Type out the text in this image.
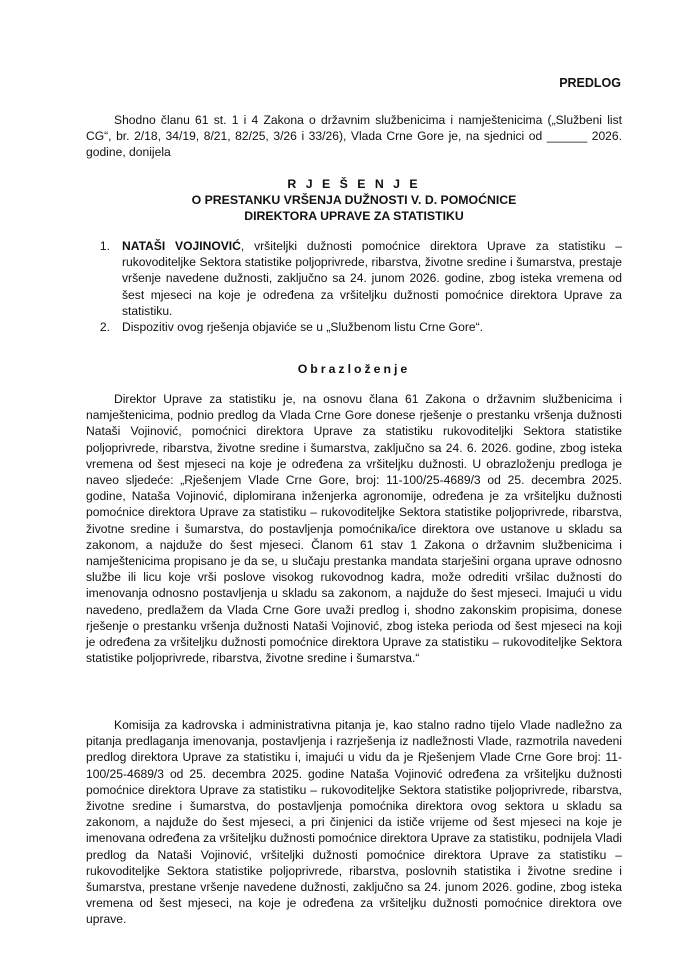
PREDLOG

Shodno članu 61 st. 1 i 4 Zakona o državnim službenicima i namještenicima („Službeni list CG“, br. 2/18, 34/19, 8/21, 82/25, 3/26 i 33/26), Vlada Crne Gore je, na sjednici od ______ 2026. godine, donijela

R J E Š E N J E
O PRESTANKU VRŠENJA DUŽNOSTI V. D. POMOĆNICE
DIREKTORA UPRAVE ZA STATISTIKU
1. NATAŠI VOJINOVIĆ, vršiteljki dužnosti pomoćnice direktora Uprave za statistiku – rukovoditeljke Sektora statistike poljoprivrede, ribarstva, životne sredine i šumarstva, prestaje vršenje navedene dužnosti, zaključno sa 24. junom 2026. godine, zbog isteka vremena od šest mjeseci na koje je određena za vršiteljku dužnosti pomoćnice direktora Uprave za statistiku.
2. Dispozitiv ovog rješenja objaviće se u „Službenom listu Crne Gore“.
Obrazloženje

Direktor Uprave za statistiku je, na osnovu člana 61 Zakona o državnim službenicima i namještenicima, podnio predlog da Vlada Crne Gore donese rješenje o prestanku vršenja dužnosti Nataši Vojinović, pomoćnici direktora Uprave za statistiku rukovoditeljki Sektora statistike poljoprivrede, ribarstva, životne sredine i šumarstva, zaključno sa 24. 6. 2026. godine, zbog isteka vremena od šest mjeseci na koje je određena za vršiteljku dužnosti. U obrazloženju predloga je naveo sljedeće: „Rješenjem Vlade Crne Gore, broj: 11-100/25-4689/3 od 25. decembra 2025. godine, Nataša Vojinović, diplomirana inženjerka agronomije, određena je za vršiteljku dužnosti pomoćnice direktora Uprave za statistiku – rukovoditeljke Sektora statistike poljoprivrede, ribarstva, životne sredine i šumarstva, do postavljenja pomoćnika/ice direktora ove ustanove u skladu sa zakonom, a najduže do šest mjeseci. Članom 61 stav 1 Zakona o državnim službenicima i namještenicima propisano je da se, u slučaju prestanka mandata starješini organa uprave odnosno službe ili licu koje vrši poslove visokog rukovodnog kadra, može odrediti vršilac dužnosti do imenovanja odnosno postavljenja u skladu sa zakonom, a najduže do šest mjeseci. Imajući u vidu navedeno, predlažem da Vlada Crne Gore uvaži predlog i, shodno zakonskim propisima, donese rješenje o prestanku vršenja dužnosti Nataši Vojinović, zbog isteka perioda od šest mjeseci na koji je određena za vršiteljku dužnosti pomoćnice direktora Uprave za statistiku – rukovoditeljke Sektora statistike poljoprivrede, ribarstva, životne sredine i šumarstva.“

Komisija za kadrovska i administrativna pitanja je, kao stalno radno tijelo Vlade nadležno za pitanja predlaganja imenovanja, postavljenja i razrješenja iz nadležnosti Vlade, razmotrila navedeni predlog direktora Uprave za statistiku i, imajući u vidu da je Rješenjem Vlade Crne Gore broj: 11-100/25-4689/3 od 25. decembra 2025. godine Nataša Vojinović određena za vršiteljku dužnosti pomoćnice direktora Uprave za statistiku – rukovoditeljke Sektora statistike poljoprivrede, ribarstva, životne sredine i šumarstva, do postavljenja pomoćnika direktora ovog sektora u skladu sa zakonom, a najduže do šest mjeseci, a pri činjenici da ističe vrijeme od šest mjeseci na koje je imenovana određena za vršiteljku dužnosti pomoćnice direktora Uprave za statistiku, podnijela Vladi predlog da Nataši Vojinović, vršiteljki dužnosti pomoćnice direktora Uprave za statistiku – rukovoditeljke Sektora statistike poljoprivrede, ribarstva, poslovnih statistika i životne sredine i šumarstva, prestane vršenje navedene dužnosti, zaključno sa 24. junom 2026. godine, zbog isteka vremena od šest mjeseci, na koje je određena za vršiteljku dužnosti pomoćnice direktora ove uprave.
